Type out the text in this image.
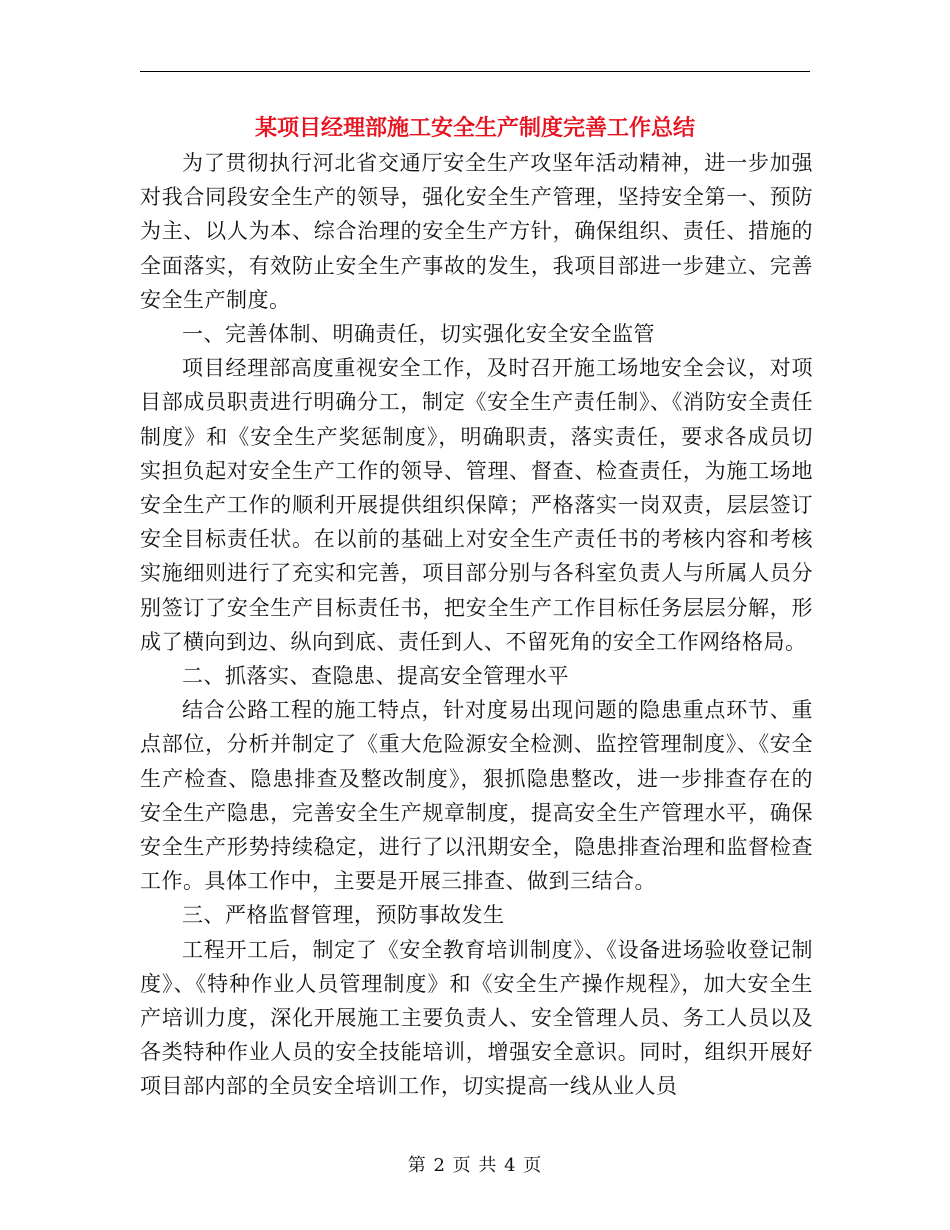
某项目经理部施工安全生产制度完善工作总结

为了贯彻执行河北省交通厅安全生产攻坚年活动精神，进一步加强对我合同段安全生产的领导，强化安全生产管理，坚持安全第一、预防为主、以人为本、综合治理的安全生产方针，确保组织、责任、措施的全面落实，有效防止安全生产事故的发生，我项目部进一步建立、完善安全生产制度。

一、完善体制、明确责任，切实强化安全安全监管

项目经理部高度重视安全工作，及时召开施工场地安全会议，对项目部成员职责进行明确分工，制定《安全生产责任制》、《消防安全责任制度》和《安全生产奖惩制度》，明确职责，落实责任，要求各成员切实担负起对安全生产工作的领导、管理、督查、检查责任，为施工场地安全生产工作的顺利开展提供组织保障；严格落实一岗双责，层层签订安全目标责任状。在以前的基础上对安全生产责任书的考核内容和考核实施细则进行了充实和完善，项目部分别与各科室负责人与所属人员分别签订了安全生产目标责任书，把安全生产工作目标任务层层分解，形成了横向到边、纵向到底、责任到人、不留死角的安全工作网络格局。

二、抓落实、查隐患、提高安全管理水平

结合公路工程的施工特点，针对度易出现问题的隐患重点环节、重点部位，分析并制定了《重大危险源安全检测、监控管理制度》、《安全生产检查、隐患排查及整改制度》，狠抓隐患整改，进一步排查存在的安全生产隐患，完善安全生产规章制度，提高安全生产管理水平，确保安全生产形势持续稳定，进行了以汛期安全，隐患排查治理和监督检查工作。具体工作中，主要是开展三排查、做到三结合。

三、严格监督管理，预防事故发生

工程开工后，制定了《安全教育培训制度》、《设备进场验收登记制度》、《特种作业人员管理制度》和《安全生产操作规程》，加大安全生产培训力度，深化开展施工主要负责人、安全管理人员、务工人员以及各类特种作业人员的安全技能培训，增强安全意识。同时，组织开展好项目部内部的全员安全培训工作，切实提高一线从业人员

第 2 页 共 4 页
